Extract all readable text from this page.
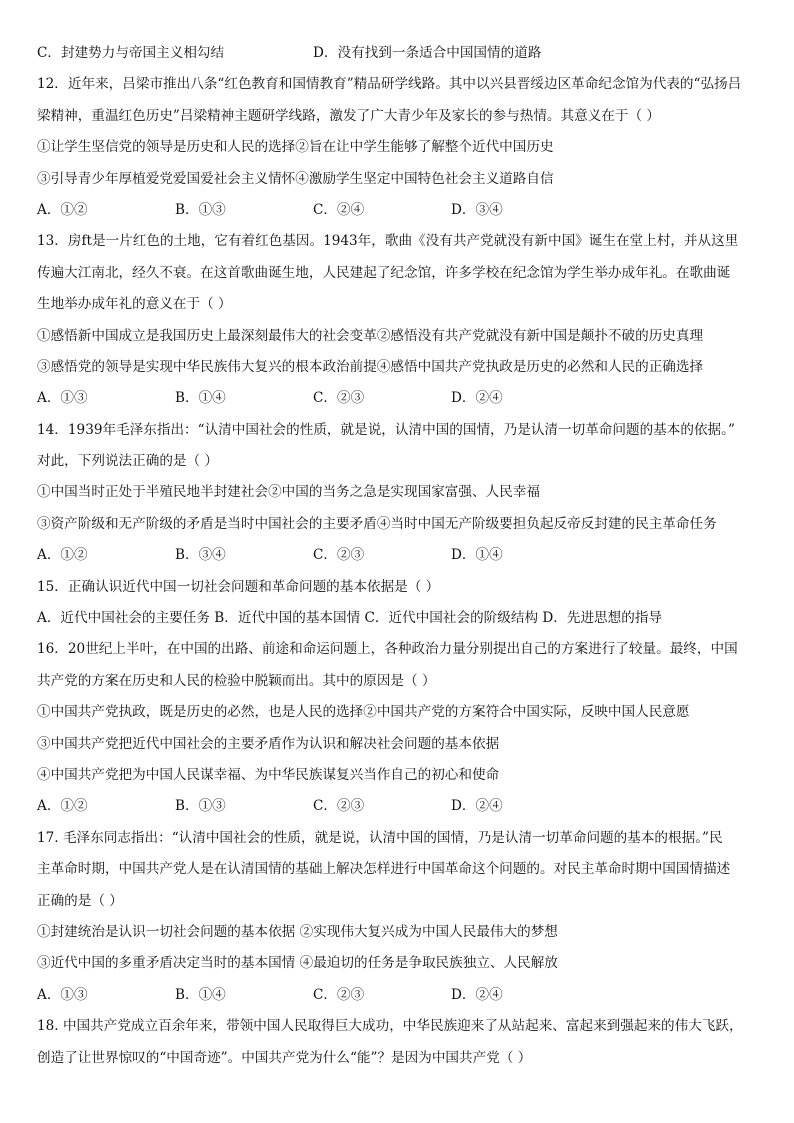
C．封建势力与帝国主义相勾结	D．没有找到一条适合中国国情的道路
12．近年来，吕梁市推出八条“红色教育和国情教育”精品研学线路。其中以兴县晋绥边区革命纪念馆为代表的“弘扬吕
梁精神，重温红色历史”吕梁精神主题研学线路，激发了广大青少年及家长的参与热情。其意义在于（ ）
①让学生坚信党的领导是历史和人民的选择②旨在让中学生能够了解整个近代中国历史
③引导青少年厚植爱党爱国爱社会主义情怀④激励学生坚定中国特色社会主义道路自信
A．①②	B．①③	C．②④	D．③④
13．房ft是一片红色的土地，它有着红色基因。1943年，歌曲《没有共产党就没有新中国》诞生在堂上村，并从这里
传遍大江南北，经久不衰。在这首歌曲诞生地，人民建起了纪念馆，许多学校在纪念馆为学生举办成年礼。在歌曲诞
生地举办成年礼的意义在于（ ）
①感悟新中国成立是我国历史上最深刻最伟大的社会变革②感悟没有共产党就没有新中国是颠扑不破的历史真理
③感悟党的领导是实现中华民族伟大复兴的根本政治前提④感悟中国共产党执政是历史的必然和人民的正确选择
A．①③	B．①④	C．②③	D．②④
14．1939年毛泽东指出：“认清中国社会的性质，就是说，认清中国的国情，乃是认清一切革命问题的基本的依据。”
对此，下列说法正确的是（ ）
①中国当时正处于半殖民地半封建社会②中国的当务之急是实现国家富强、人民幸福
③资产阶级和无产阶级的矛盾是当时中国社会的主要矛盾④当时中国无产阶级要担负起反帝反封建的民主革命任务
A．①②	B．③④	C．②③	D．①④
15．正确认识近代中国一切社会问题和革命问题的基本依据是（ ）
A．近代中国社会的主要任务 B．近代中国的基本国情 C．近代中国社会的阶级结构 D．先进思想的指导
16．20世纪上半叶，在中国的出路、前途和命运问题上，各种政治力量分别提出自己的方案进行了较量。最终，中国
共产党的方案在历史和人民的检验中脱颖而出。其中的原因是（ ）
①中国共产党执政，既是历史的必然，也是人民的选择②中国共产党的方案符合中国实际，反映中国人民意愿
③中国共产党把近代中国社会的主要矛盾作为认识和解决社会问题的基本依据
④中国共产党把为中国人民谋幸福、为中华民族谋复兴当作自己的初心和使命
A．①②	B．①③	C．②③	D．②④
17. 毛泽东同志指出：“认清中国社会的性质，就是说，认清中国的国情，乃是认清一切革命问题的基本的根据。”民
主革命时期，中国共产党人是在认清国情的基础上解决怎样进行中国革命这个问题的。对民主革命时期中国国情描述
正确的是（ ）
①封建统治是认识一切社会问题的基本依据 ②实现伟大复兴成为中国人民最伟大的梦想
③近代中国的多重矛盾决定当时的基本国情 ④最迫切的任务是争取民族独立、人民解放
A．①③	B．①④	C．②③	D．②④
18. 中国共产党成立百余年来，带领中国人民取得巨大成功，中华民族迎来了从站起来、富起来到强起来的伟大飞跃，
创造了让世界惊叹的“中国奇迹”。中国共产党为什么“能”？是因为中国共产党（ ）
